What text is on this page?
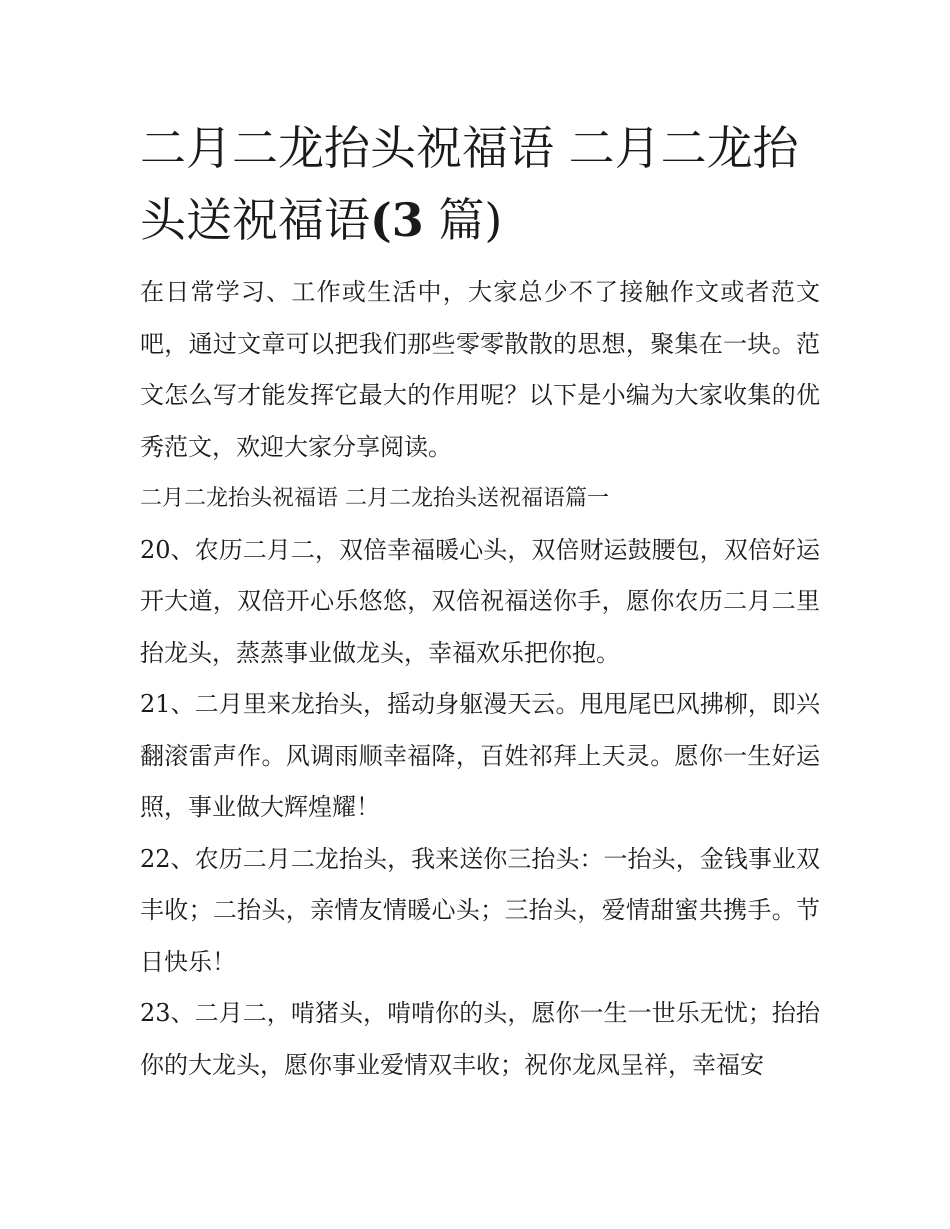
二月二龙抬头祝福语 二月二龙抬头送祝福语(3 篇)

在日常学习、工作或生活中，大家总少不了接触作文或者范文吧，通过文章可以把我们那些零零散散的思想，聚集在一块。范文怎么写才能发挥它最大的作用呢？以下是小编为大家收集的优秀范文，欢迎大家分享阅读。

二月二龙抬头祝福语 二月二龙抬头送祝福语篇一

20、农历二月二，双倍幸福暖心头，双倍财运鼓腰包，双倍好运开大道，双倍开心乐悠悠，双倍祝福送你手，愿你农历二月二里抬龙头，蒸蒸事业做龙头，幸福欢乐把你抱。

21、二月里来龙抬头，摇动身躯漫天云。甩甩尾巴风拂柳，即兴翻滚雷声作。风调雨顺幸福降，百姓祁拜上天灵。愿你一生好运照，事业做大辉煌耀！

22、农历二月二龙抬头，我来送你三抬头：一抬头，金钱事业双丰收；二抬头，亲情友情暖心头；三抬头，爱情甜蜜共携手。节日快乐！

23、二月二，啃猪头，啃啃你的头，愿你一生一世乐无忧；抬抬你的大龙头，愿你事业爱情双丰收；祝你龙凤呈祥，幸福安
